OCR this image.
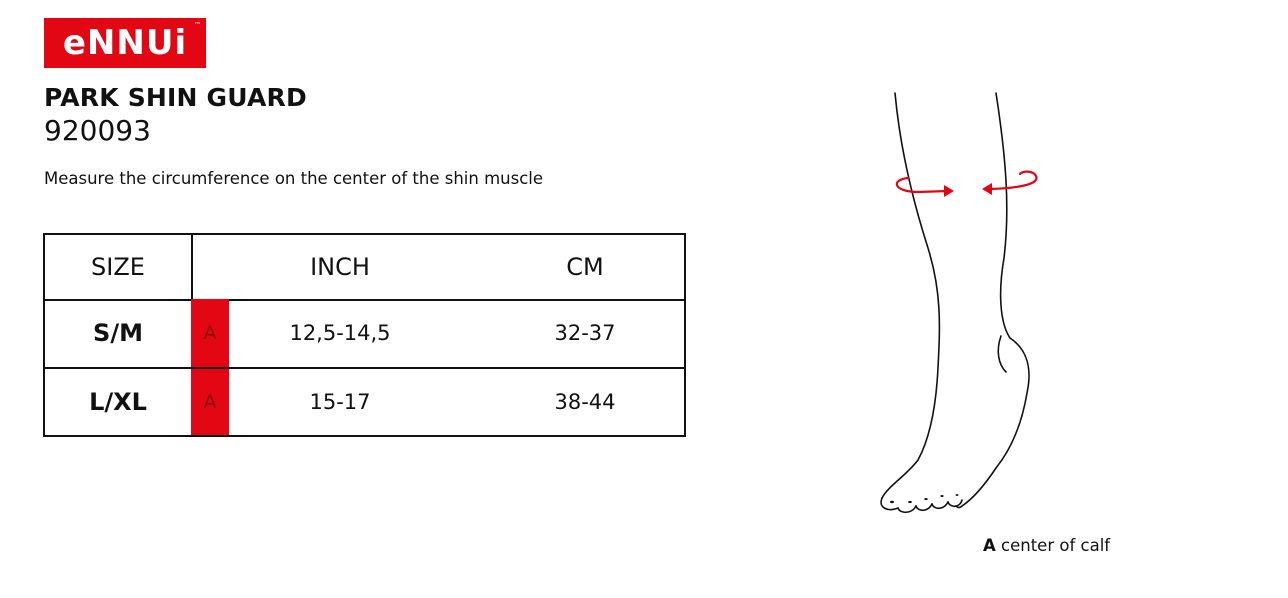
eNNUi ™
PARK SHIN GUARD

920093

Measure the circumference on the center of the shin muscle

SIZE	INCH	CM
S/M	A	12,5-14,5	32-37
L/XL	A	15-17	38-44

A center of calf
